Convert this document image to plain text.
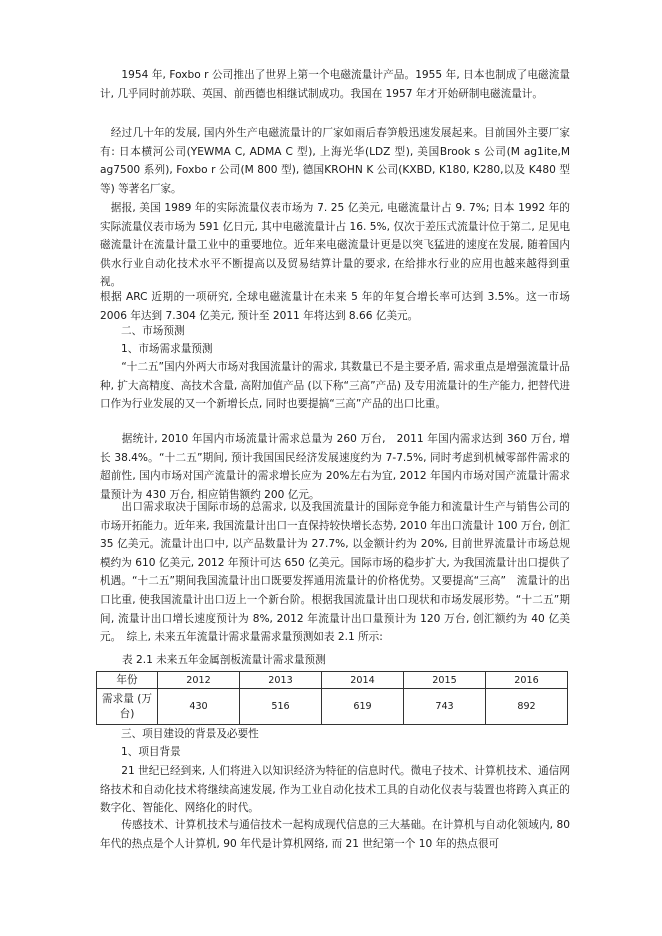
　　1954 年, Foxbo r 公司推出了世界上第一个电磁流量计产品。1955 年, 日本也制成了电磁流量计, 几乎同时前苏联、英国、前西德也相继试制成功。我国在 1957 年才开始研制电磁流量计。

　经过几十年的发展, 国内外生产电磁流量计的厂家如雨后春笋般迅速发展起来。目前国外主要厂家有: 日本横河公司(YEWMA C, ADMA C 型), 上海光华(LDZ 型), 美国Brook s 公司(M ag1ite,M ag7500 系列), Foxbo r 公司(M 800 型), 德国KROHN K 公司(KXBD, K180, K280,以及 K480 型等) 等著名厂家。

　据报, 美国 1989 年的实际流量仪表市场为 7. 25 亿美元, 电磁流量计占 9. 7%; 日本 1992 年的实际流量仪表市场为 591 亿日元, 其中电磁流量计占 16. 5%, 仅次于差压式流量计位于第二, 足见电磁流量计在流量计量工业中的重要地位。近年来电磁流量计更是以突飞猛进的速度在发展, 随着国内供水行业自动化技术水平不断提高以及贸易结算计量的要求, 在给排水行业的应用也越来越得到重视。

根据 ARC 近期的一项研究, 全球电磁流量计在未来 5 年的年复合增长率可达到 3.5%。这一市场 2006 年达到 7.304 亿美元, 预计至 2011 年将达到 8.66 亿美元。

二、市场预测

1、市场需求量预测

　　“十二五”国内外两大市场对我国流量计的需求, 其数量已不是主要矛盾, 需求重点是增强流量计品种, 扩大高精度、高技术含量, 高附加值产品 (以下称“三高”产品) 及专用流量计的生产能力, 把替代进口作为行业发展的又一个新增长点, 同时也要提搞“三高”产品的出口比重。

　　据统计, 2010 年国内市场流量计需求总量为 260 万台,　2011 年国内需求达到 360 万台, 增长 38.4%。“十二五”期间, 预计我国国民经济发展速度约为 7-7.5%, 同时考虑到机械零部件需求的超前性, 国内市场对国产流量计的需求增长应为 20%左右为宜, 2012 年国内市场对国产流量计需求量预计为 430 万台, 相应销售额约 200 亿元。

　　出口需求取决于国际市场的总需求, 以及我国流量计的国际竞争能力和流量计生产与销售公司的市场开拓能力。近年来, 我国流量计出口一直保持较快增长态势, 2010 年出口流量计 100 万台, 创汇 35 亿美元。流量计出口中, 以产品数量计为 27.7%, 以金额计约为 20%, 目前世界流量计市场总规模约为 610 亿美元, 2012 年预计可达 650 亿美元。国际市场的稳步扩大, 为我国流量计出口提供了机遇。“十二五”期间我国流量计出口既要发挥通用流量计的价格优势。又要提高“三高”　流量计的出口比重, 使我国流量计出口迈上一个新台阶。根据我国流量计出口现状和市场发展形势。“十二五”期间, 流量计出口增长速度预计为 8%, 2012 年流量计出口量预计为 120 万台, 创汇额约为 40 亿美元。　综上, 未来五年流量计需求量需求量预测如表 2.1 所示:

表 2.1 未来五年金属剖板流量计需求量预测

年份	2012	2013	2014	2015	2016
需求量 (万台)	430	516	619	743	892

三、项目建设的背景及必要性

1、项目背景

　　21 世纪已经到来, 人们将进入以知识经济为特征的信息时代。微电子技术、计算机技术、通信网络技术和自动化技术将继续高速发展, 作为工业自动化技术工具的自动化仪表与装置也将跨入真正的数字化、智能化、网络化的时代。

　　传感技术、计算机技术与通信技术一起构成现代信息的三大基础。在计算机与自动化领域内, 80 年代的热点是个人计算机, 90 年代是计算机网络, 而 21 世纪第一个 10 年的热点很可
